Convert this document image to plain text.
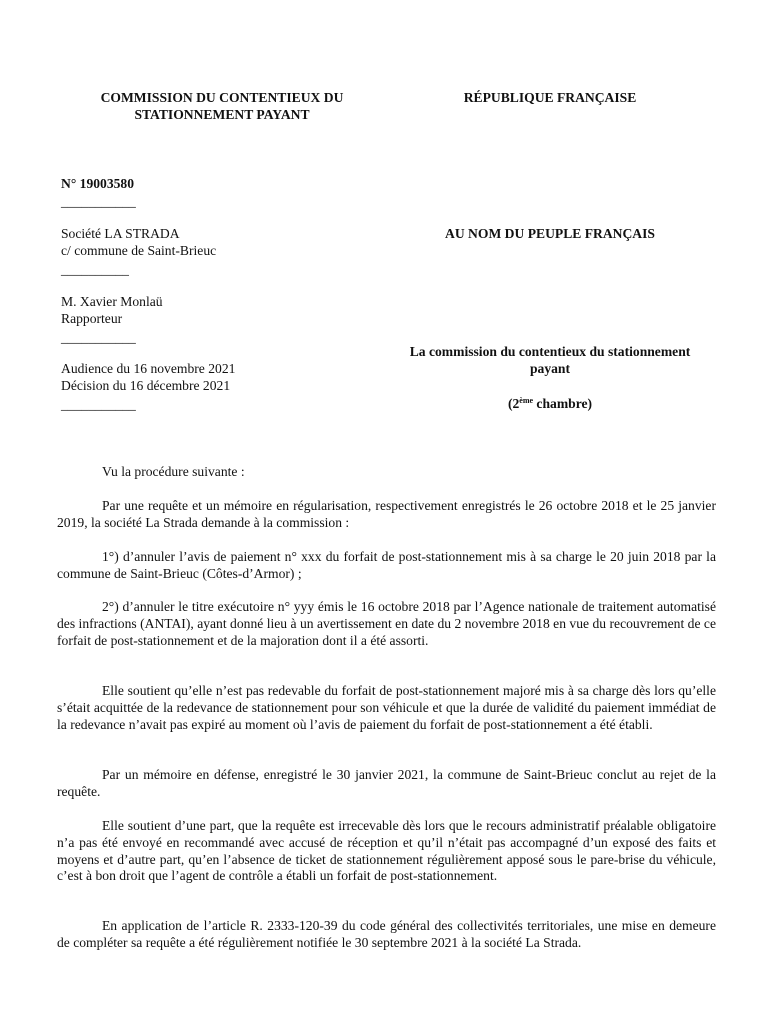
COMMISSION DU CONTENTIEUX DU
STATIONNEMENT PAYANT
RÉPUBLIQUE FRANÇAISE
N° 19003580
___________
Société LA STRADA
c/ commune de Saint-Brieuc
__________
M. Xavier Monlaü
Rapporteur
___________
Audience du 16 novembre 2021
Décision du 16 décembre 2021
___________
AU NOM DU PEUPLE FRANÇAIS
La commission du contentieux du stationnement
payant
(2ème chambre)

Vu la procédure suivante :

Par une requête et un mémoire en régularisation, respectivement enregistrés le 26 octobre 2018 et le 25 janvier 2019, la société La Strada demande à la commission :

1°) d’annuler l’avis de paiement n° xxx du forfait de post-stationnement mis à sa charge le 20 juin 2018 par la commune de Saint-Brieuc (Côtes-d’Armor) ;

2°) d’annuler le titre exécutoire n° yyy émis le 16 octobre 2018 par l’Agence nationale de traitement automatisé des infractions (ANTAI), ayant donné lieu à un avertissement en date du 2 novembre 2018 en vue du recouvrement de ce forfait de post-stationnement et de la majoration dont il a été assorti.

Elle soutient qu’elle n’est pas redevable du forfait de post-stationnement majoré mis à sa charge dès lors qu’elle s’était acquittée de la redevance de stationnement pour son véhicule et que la durée de validité du paiement immédiat de la redevance n’avait pas expiré au moment où l’avis de paiement du forfait de post-stationnement a été établi.

Par un mémoire en défense, enregistré le 30 janvier 2021, la commune de Saint-Brieuc conclut au rejet de la requête.

Elle soutient d’une part, que la requête est irrecevable dès lors que le recours administratif préalable obligatoire n’a pas été envoyé en recommandé avec accusé de réception et qu’il n’était pas accompagné d’un exposé des faits et moyens et d’autre part, qu’en l’absence de ticket de stationnement régulièrement apposé sous le pare-brise du véhicule, c’est à bon droit que l’agent de contrôle a établi un forfait de post-stationnement.

En application de l’article R. 2333-120-39 du code général des collectivités territoriales, une mise en demeure de compléter sa requête a été régulièrement notifiée le 30 septembre 2021 à la société La Strada.
